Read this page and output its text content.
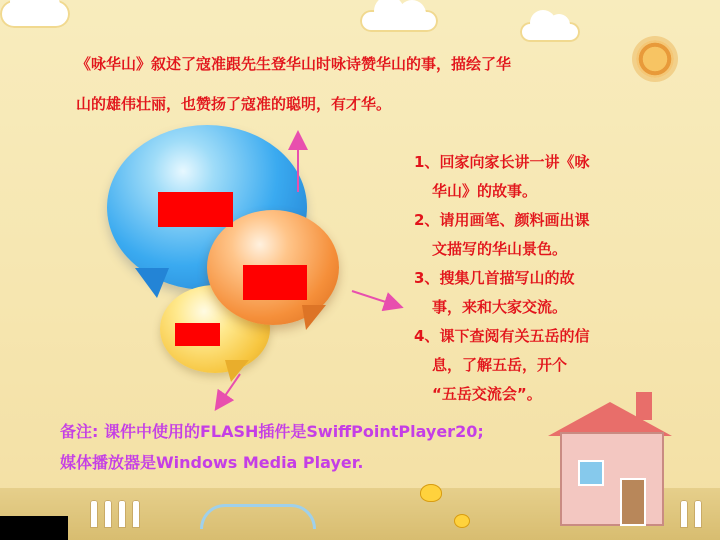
《咏华山》叙述了寇准跟先生登华山时咏诗赞华山的事，描绘了华
山的雄伟壮丽，也赞扬了寇准的聪明，有才华。

1、回家向家长讲一讲《咏
华山》的故事。
2、请用画笔、颜料画出课
文描写的华山景色。
3、搜集几首描写山的故
事，来和大家交流。
4、课下查阅有关五岳的信
息，了解五岳，开个
“五岳交流会”。

备注: 课件中使用的FLASH插件是SwiffPointPlayer20;
媒体播放器是Windows Media Player.
